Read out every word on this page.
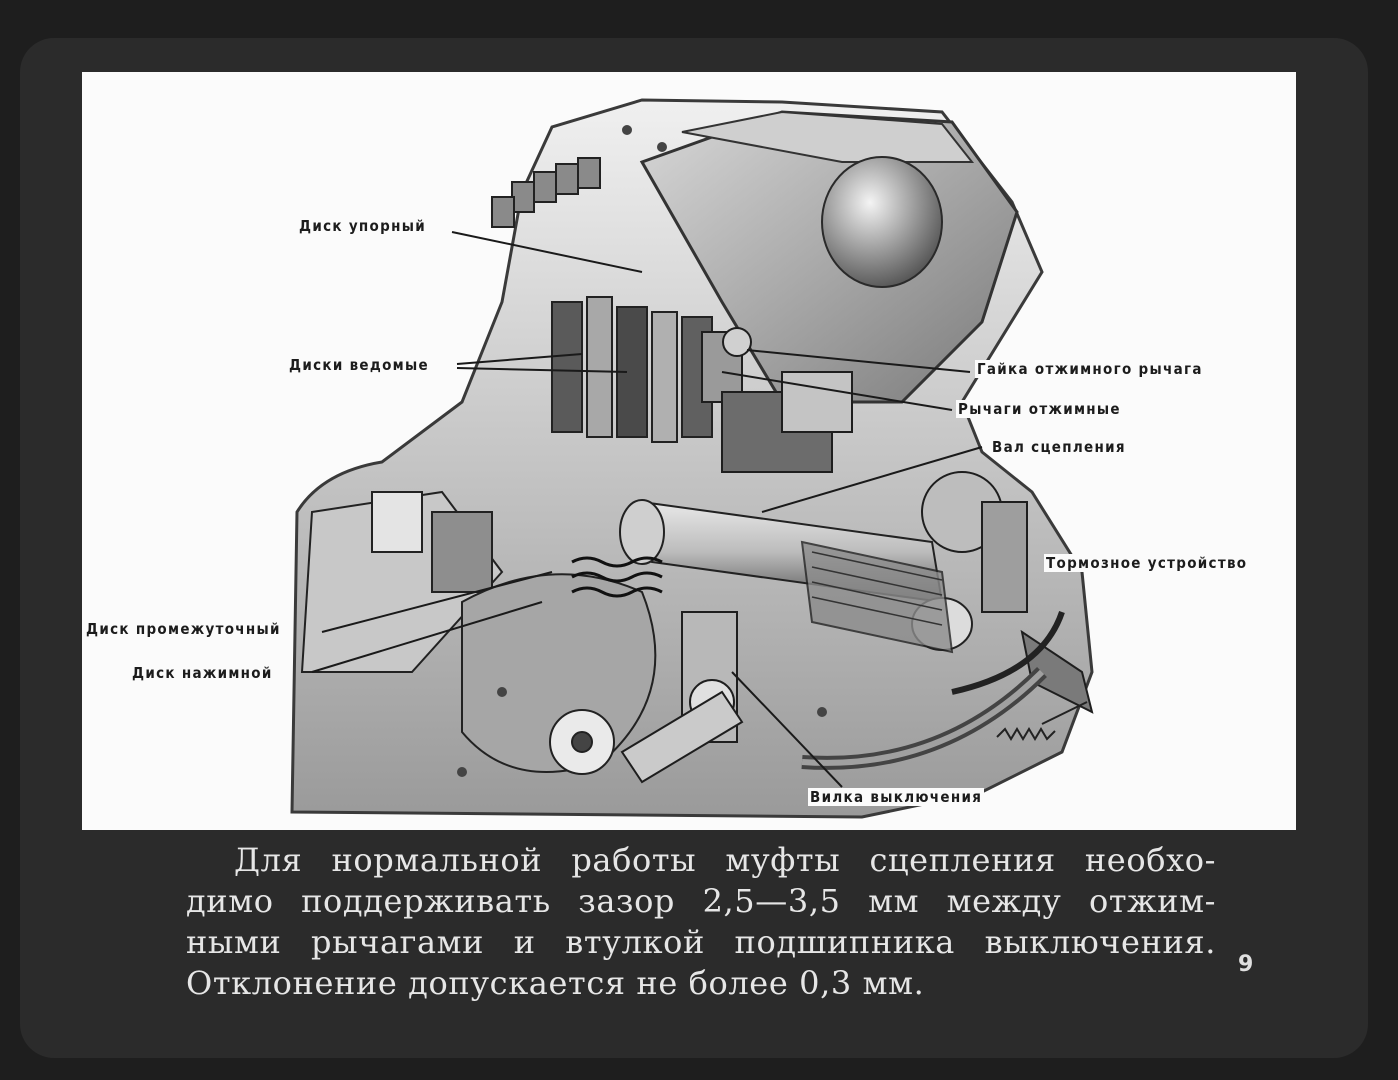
Диск упорный
Диски ведомые	Гайка отжимного рычага
Рычаги отжимные
Вал сцепления
Тормозное устройство
Диск промежуточный
Диск нажимной
Вилка выключения
Для нормальной работы муфты сцепления необхо-
димо поддерживать зазор 2,5—3,5 мм между отжим-
ными рычагами и втулкой подшипника выключения.
Отклонение допускается не более 0,3 мм.	9
